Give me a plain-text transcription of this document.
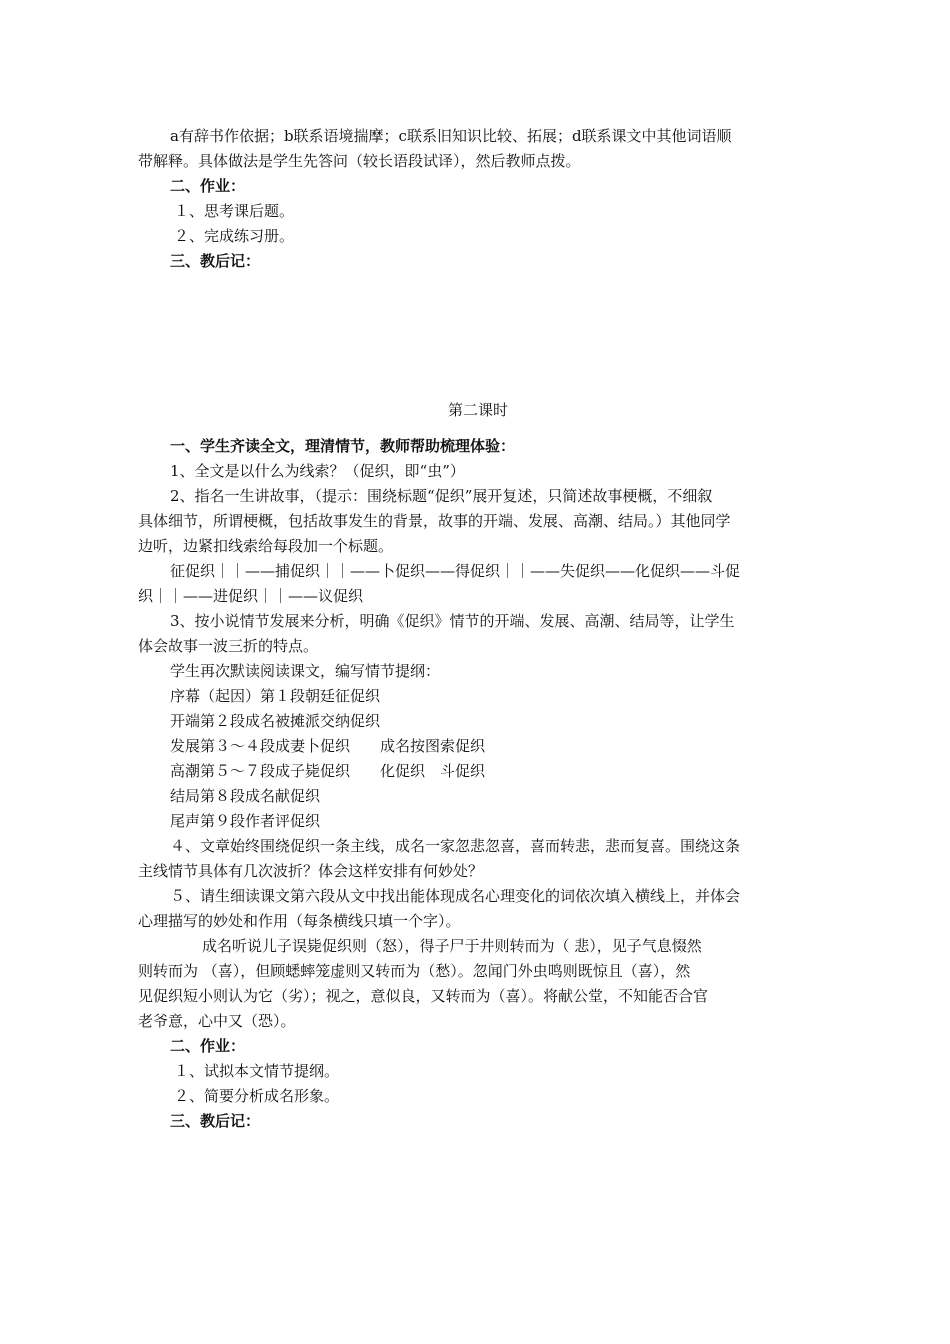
a有辞书作依据；b联系语境揣摩；c联系旧知识比较、拓展；d联系课文中其他词语顺
带解释。具体做法是学生先答问（较长语段试译），然后教师点拨。
二、作业：
１、思考课后题。
２、完成练习册。
三、教后记：
第二课时
一、学生齐读全文，理清情节，教师帮助梳理体验：
1、全文是以什么为线索？（促织，即“虫”）
2、指名一生讲故事，（提示：围绕标题“促织”展开复述，只简述故事梗概，不细叙
具体细节，所谓梗概，包括故事发生的背景，故事的开端、发展、高潮、结局。）其他同学
边听，边紧扣线索给每段加一个标题。
征促织｜｜——捕促织｜｜——卜促织——得促织｜｜——失促织——化促织——斗促
织｜｜——进促织｜｜——议促织
3、按小说情节发展来分析，明确《促织》情节的开端、发展、高潮、结局等，让学生
体会故事一波三折的特点。
学生再次默读阅读课文，编写情节提纲：
序幕（起因）第１段朝廷征促织
开端第２段成名被摊派交纳促织
发展第３～４段成妻卜促织　　成名按图索促织
高潮第５～７段成子毙促织　　化促织　斗促织
结局第８段成名献促织
尾声第９段作者评促织
４、文章始终围绕促织一条主线，成名一家忽悲忽喜，喜而转悲，悲而复喜。围绕这条
主线情节具体有几次波折？体会这样安排有何妙处？
５、请生细读课文第六段从文中找出能体现成名心理变化的词依次填入横线上，并体会
心理描写的妙处和作用（每条横线只填一个字）。
成名听说儿子误毙促织则（怒），得子尸于井则转而为（ 悲），见子气息惙然
则转而为 （喜），但顾蟋蟀笼虚则又转而为（愁）。忽闻门外虫鸣则既惊且（喜），然
见促织短小则认为它（劣）；视之，意似良，又转而为（喜）。将献公堂，不知能否合官
老爷意，心中又（恐）。
二、作业：
１、试拟本文情节提纲。
２、简要分析成名形象。
三、教后记：
